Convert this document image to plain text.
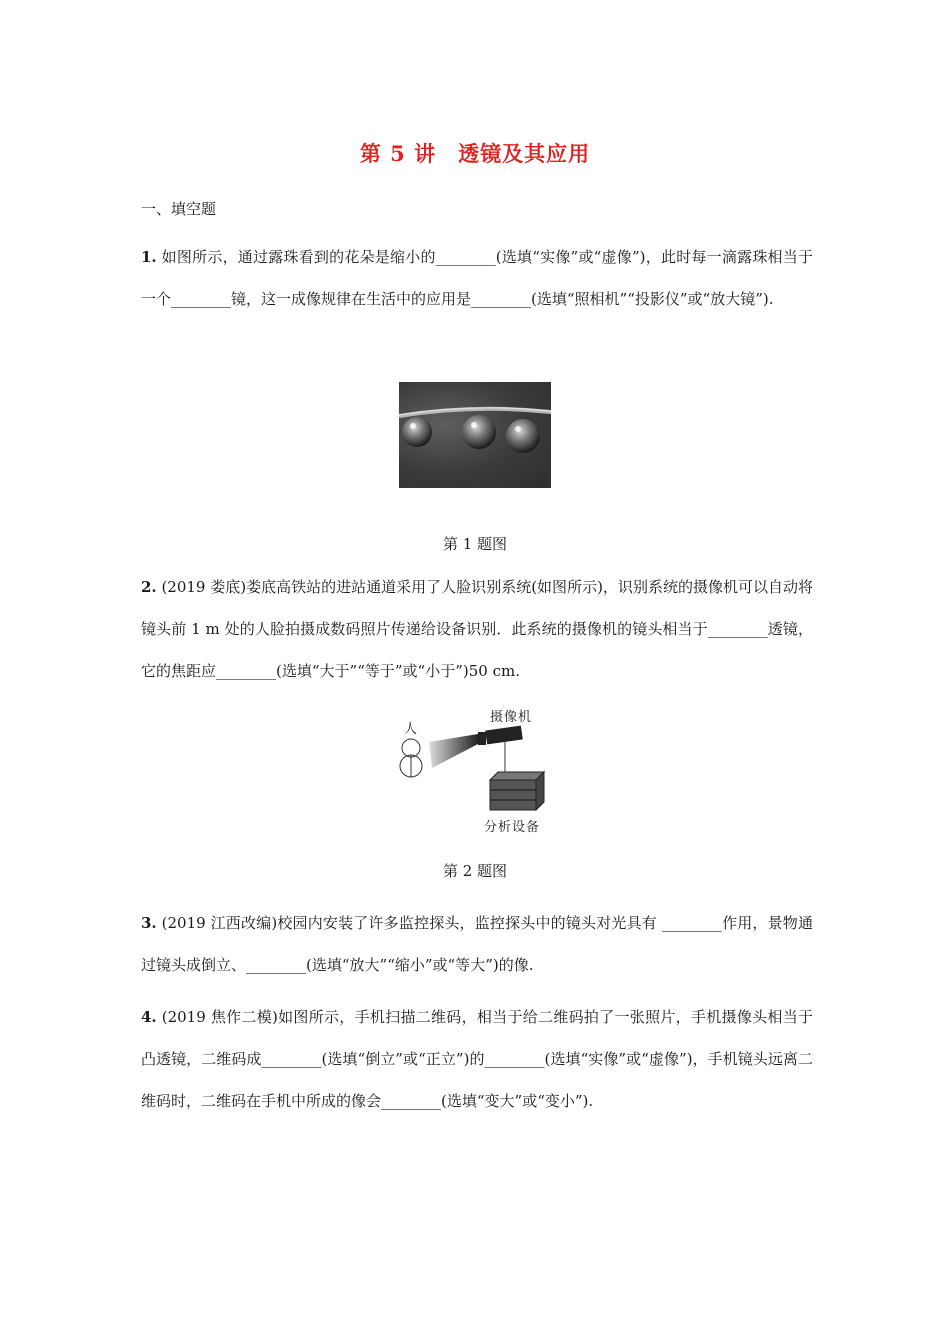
第 5 讲 透镜及其应用
一、填空题
1. 如图所示，通过露珠看到的花朵是缩小的________(选填“实像”或“虚像”)，此时每一滴露珠相当于一个________镜，这一成像规律在生活中的应用是________(选填“照相机”“投影仪”或“放大镜”).
第 1 题图
2. (2019 娄底)娄底高铁站的进站通道采用了人脸识别系统(如图所示)，识别系统的摄像机可以自动将镜头前 1 m 处的人脸拍摄成数码照片传递给设备识别．此系统的摄像机的镜头相当于________透镜，它的焦距应________(选填“大于”“等于”或“小于”)50 cm.
人
摄像机
分析设备
第 2 题图
3. (2019 江西改编)校园内安装了许多监控探头，监控探头中的镜头对光具有 ________作用，景物通过镜头成倒立、________(选填“放大”“缩小”或“等大”)的像.
4. (2019 焦作二模)如图所示，手机扫描二维码，相当于给二维码拍了一张照片，手机摄像头相当于凸透镜，二维码成________(选填“倒立”或“正立”)的________(选填“实像”或“虚像”)，手机镜头远离二维码时，二维码在手机中所成的像会________(选填“变大”或“变小”).
